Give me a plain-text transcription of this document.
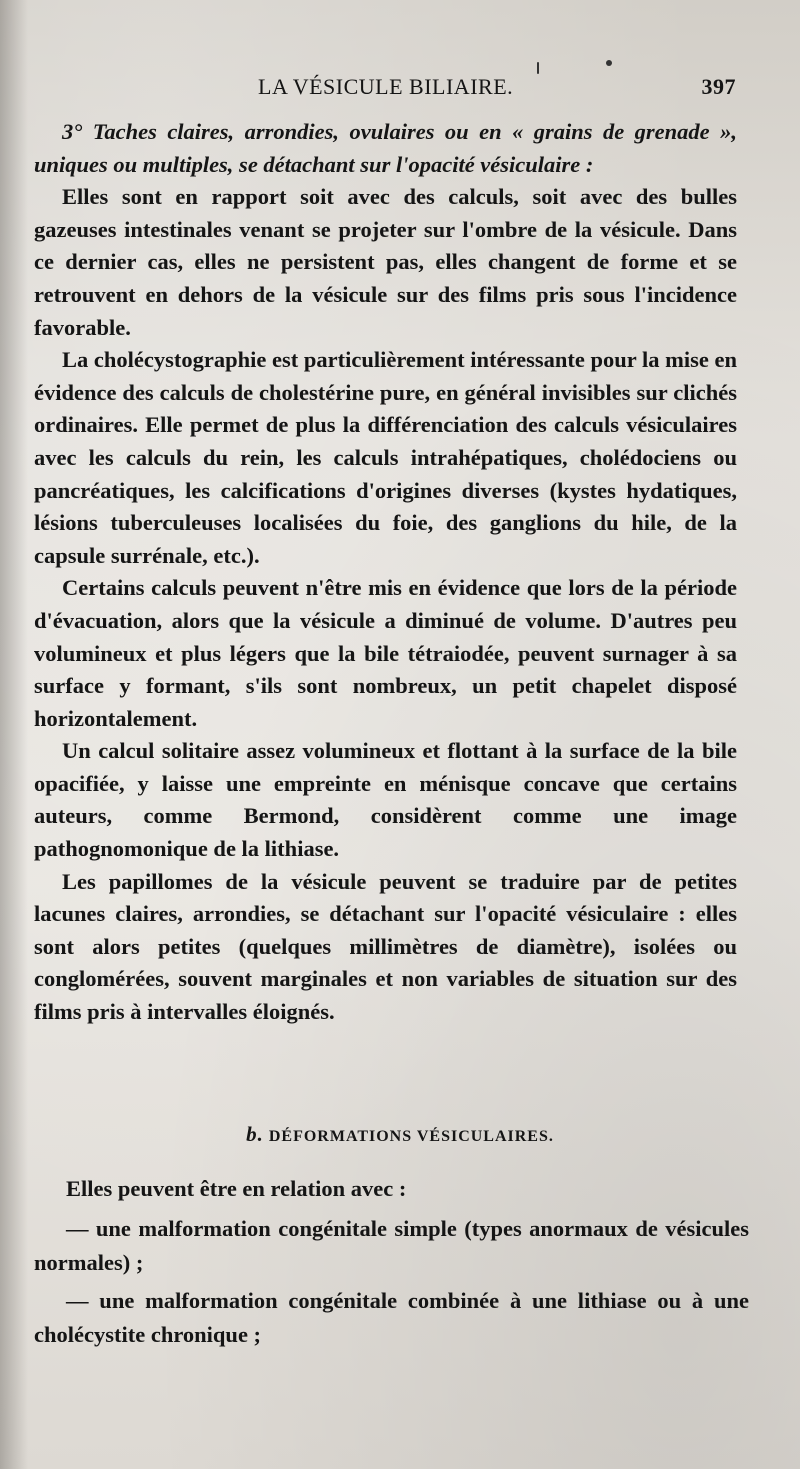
LA VÉSICULE BILIAIRE.	397

3° Taches claires, arrondies, ovulaires ou en « grains de grenade », uniques ou multiples, se détachant sur l'opacité vésiculaire :

Elles sont en rapport soit avec des calculs, soit avec des bulles gazeuses intestinales venant se projeter sur l'ombre de la vésicule. Dans ce dernier cas, elles ne persistent pas, elles changent de forme et se retrouvent en dehors de la vésicule sur des films pris sous l'incidence favorable.

La cholécystographie est particulièrement intéressante pour la mise en évidence des calculs de cholestérine pure, en général invisibles sur clichés ordinaires. Elle permet de plus la différenciation des calculs vésiculaires avec les calculs du rein, les calculs intrahépatiques, cholédociens ou pancréatiques, les calcifications d'origines diverses (kystes hydatiques, lésions tuberculeuses localisées du foie, des ganglions du hile, de la capsule surrénale, etc.).

Certains calculs peuvent n'être mis en évidence que lors de la période d'évacuation, alors que la vésicule a diminué de volume. D'autres peu volumineux et plus légers que la bile tétraiodée, peuvent surnager à sa surface y formant, s'ils sont nombreux, un petit chapelet disposé horizontalement.

Un calcul solitaire assez volumineux et flottant à la surface de la bile opacifiée, y laisse une empreinte en ménisque concave que certains auteurs, comme Bermond, considèrent comme une image pathognomonique de la lithiase.

Les papillomes de la vésicule peuvent se traduire par de petites lacunes claires, arrondies, se détachant sur l'opacité vésiculaire : elles sont alors petites (quelques millimètres de diamètre), isolées ou conglomérées, souvent marginales et non variables de situation sur des films pris à intervalles éloignés.

b. DÉFORMATIONS VÉSICULAIRES.

Elles peuvent être en relation avec :

— une malformation congénitale simple (types anormaux de vésicules normales) ;

— une malformation congénitale combinée à une lithiase ou à une cholécystite chronique ;
